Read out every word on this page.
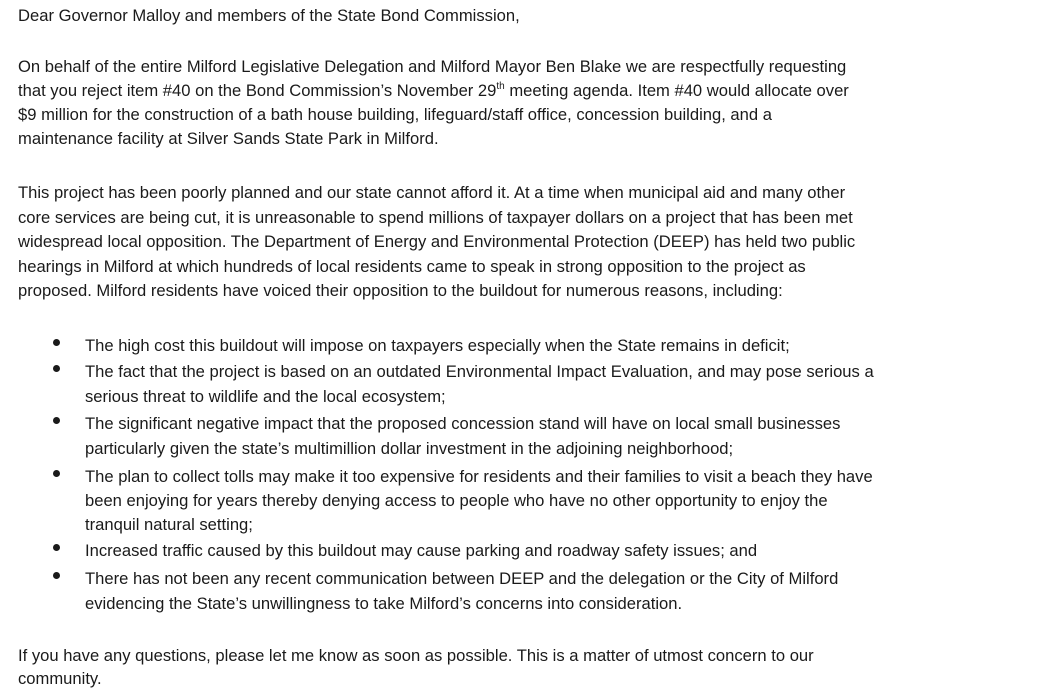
Dear Governor Malloy and members of the State Bond Commission,
On behalf of the entire Milford Legislative Delegation and Milford Mayor Ben Blake we are respectfully requesting
that you reject item #40 on the Bond Commission’s November 29th meeting agenda. Item #40 would allocate over
$9 million for the construction of a bath house building, lifeguard/staff office, concession building, and a
maintenance facility at Silver Sands State Park in Milford.
This project has been poorly planned and our state cannot afford it. At a time when municipal aid and many other
core services are being cut, it is unreasonable to spend millions of taxpayer dollars on a project that has been met
widespread local opposition. The Department of Energy and Environmental Protection (DEEP) has held two public
hearings in Milford at which hundreds of local residents came to speak in strong opposition to the project as
proposed. Milford residents have voiced their opposition to the buildout for numerous reasons, including:
The high cost this buildout will impose on taxpayers especially when the State remains in deficit;
The fact that the project is based on an outdated Environmental Impact Evaluation, and may pose serious a
serious threat to wildlife and the local ecosystem;
The significant negative impact that the proposed concession stand will have on local small businesses
particularly given the state’s multimillion dollar investment in the adjoining neighborhood;
The plan to collect tolls may make it too expensive for residents and their families to visit a beach they have
been enjoying for years thereby denying access to people who have no other opportunity to enjoy the
tranquil natural setting;
Increased traffic caused by this buildout may cause parking and roadway safety issues; and
There has not been any recent communication between DEEP and the delegation or the City of Milford
evidencing the State’s unwillingness to take Milford’s concerns into consideration.
If you have any questions, please let me know as soon as possible. This is a matter of utmost concern to our
community.
